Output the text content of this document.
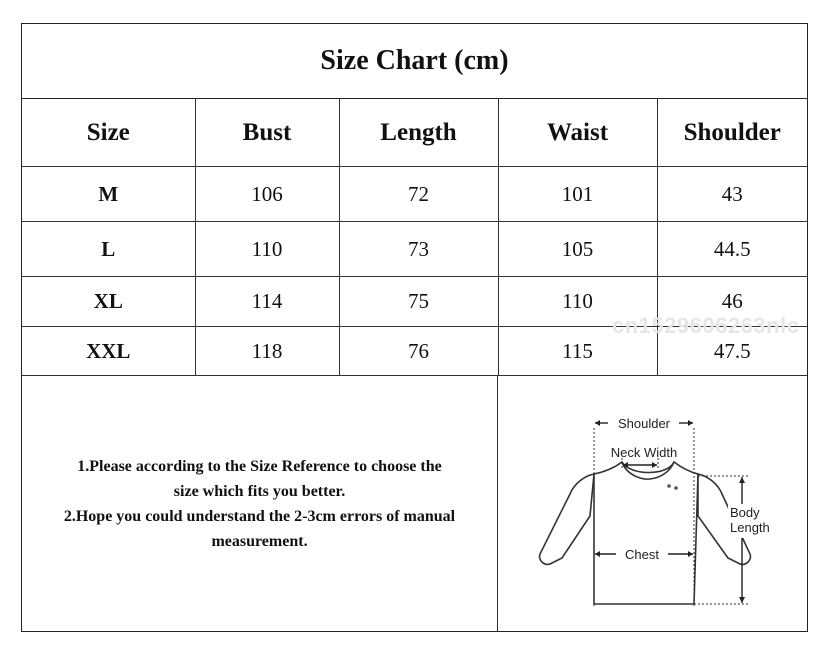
Size Chart (cm)
Size	Bust	Length	Waist	Shoulder
M	106	72	101	43
L	110	73	105	44.5
XL	114	75	110	46
XXL	118	76	115	47.5
1.Please according to the Size Reference to choose the
size which fits you better.
2.Hope you could understand the 2-3cm errors of manual
measurement.
Shoulder
Neck Width
Chest
Body
Length
cn1529606263nlc
